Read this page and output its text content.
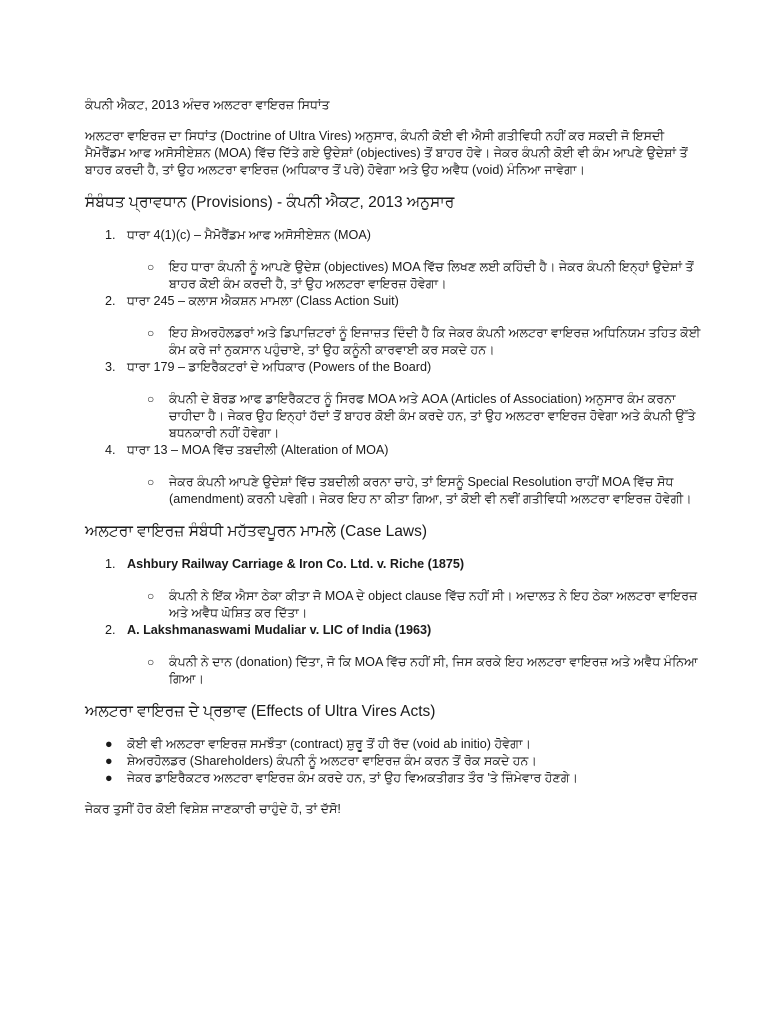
ਕੰਪਨੀ ਐਕਟ, 2013 ਅੰਦਰ ਅਲਟਰਾ ਵਾਇਰਜ਼ ਸਿਧਾਂਤ

ਅਲਟਰਾ ਵਾਇਰਜ਼ ਦਾ ਸਿਧਾਂਤ (Doctrine of Ultra Vires) ਅਨੁਸਾਰ, ਕੰਪਨੀ ਕੋਈ ਵੀ ਐਸੀ ਗਤੀਵਿਧੀ ਨਹੀਂ ਕਰ ਸਕਦੀ ਜੋ ਇਸਦੀ ਮੈਮੋਰੈਂਡਮ ਆਫ ਅਸੋਸੀਏਸ਼ਨ (MOA) ਵਿੱਚ ਦਿੱਤੇ ਗਏ ਉਦੇਸ਼ਾਂ (objectives) ਤੋਂ ਬਾਹਰ ਹੋਵੇ। ਜੇਕਰ ਕੰਪਨੀ ਕੋਈ ਵੀ ਕੰਮ ਆਪਣੇ ਉਦੇਸ਼ਾਂ ਤੋਂ ਬਾਹਰ ਕਰਦੀ ਹੈ, ਤਾਂ ਉਹ ਅਲਟਰਾ ਵਾਇਰਜ਼ (ਅਧਿਕਾਰ ਤੋਂ ਪਰੇ) ਹੋਵੇਗਾ ਅਤੇ ਉਹ ਅਵੈਧ (void) ਮੰਨਿਆ ਜਾਵੇਗਾ।

ਸੰਬੰਧਤ ਪ੍ਰਾਵਧਾਨ (Provisions) - ਕੰਪਨੀ ਐਕਟ, 2013 ਅਨੁਸਾਰ
1. ਧਾਰਾ 4(1)(c) – ਮੈਮੋਰੈਂਡਮ ਆਫ ਅਸੋਸੀਏਸ਼ਨ (MOA)
○ ਇਹ ਧਾਰਾ ਕੰਪਨੀ ਨੂੰ ਆਪਣੇ ਉਦੇਸ਼ (objectives) MOA ਵਿੱਚ ਲਿਖਣ ਲਈ ਕਹਿੰਦੀ ਹੈ। ਜੇਕਰ ਕੰਪਨੀ ਇਨ੍ਹਾਂ ਉਦੇਸ਼ਾਂ ਤੋਂ ਬਾਹਰ ਕੋਈ ਕੰਮ ਕਰਦੀ ਹੈ, ਤਾਂ ਉਹ ਅਲਟਰਾ ਵਾਇਰਜ਼ ਹੋਵੇਗਾ।
2. ਧਾਰਾ 245 – ਕਲਾਸ ਐਕਸ਼ਨ ਮਾਮਲਾ (Class Action Suit)
○ ਇਹ ਸ਼ੇਅਰਹੋਲਡਰਾਂ ਅਤੇ ਡਿਪਾਜ਼ਿਟਰਾਂ ਨੂੰ ਇਜਾਜ਼ਤ ਦਿੰਦੀ ਹੈ ਕਿ ਜੇਕਰ ਕੰਪਨੀ ਅਲਟਰਾ ਵਾਇਰਜ਼ ਅਧਿਨਿਯਮ ਤਹਿਤ ਕੋਈ ਕੰਮ ਕਰੇ ਜਾਂ ਨੁਕਸਾਨ ਪਹੁੰਚਾਏ, ਤਾਂ ਉਹ ਕਨੂੰਨੀ ਕਾਰਵਾਈ ਕਰ ਸਕਦੇ ਹਨ।
3. ਧਾਰਾ 179 – ਡਾਇਰੈਕਟਰਾਂ ਦੇ ਅਧਿਕਾਰ (Powers of the Board)
○ ਕੰਪਨੀ ਦੇ ਬੋਰਡ ਆਫ ਡਾਇਰੈਕਟਰ ਨੂੰ ਸਿਰਫ MOA ਅਤੇ AOA (Articles of Association) ਅਨੁਸਾਰ ਕੰਮ ਕਰਨਾ ਚਾਹੀਦਾ ਹੈ। ਜੇਕਰ ਉਹ ਇਨ੍ਹਾਂ ਹੱਦਾਂ ਤੋਂ ਬਾਹਰ ਕੋਈ ਕੰਮ ਕਰਦੇ ਹਨ, ਤਾਂ ਉਹ ਅਲਟਰਾ ਵਾਇਰਜ਼ ਹੋਵੇਗਾ ਅਤੇ ਕੰਪਨੀ ਉੱਤੇ ਬਧਨਕਾਰੀ ਨਹੀਂ ਹੋਵੇਗਾ।
4. ਧਾਰਾ 13 – MOA ਵਿੱਚ ਤਬਦੀਲੀ (Alteration of MOA)
○ ਜੇਕਰ ਕੰਪਨੀ ਆਪਣੇ ਉਦੇਸ਼ਾਂ ਵਿੱਚ ਤਬਦੀਲੀ ਕਰਨਾ ਚਾਹੇ, ਤਾਂ ਇਸਨੂੰ Special Resolution ਰਾਹੀਂ MOA ਵਿੱਚ ਸੋਧ (amendment) ਕਰਨੀ ਪਵੇਗੀ। ਜੇਕਰ ਇਹ ਨਾ ਕੀਤਾ ਗਿਆ, ਤਾਂ ਕੋਈ ਵੀ ਨਵੀਂ ਗਤੀਵਿਧੀ ਅਲਟਰਾ ਵਾਇਰਜ਼ ਹੋਵੇਗੀ।
ਅਲਟਰਾ ਵਾਇਰਜ਼ ਸੰਬੰਧੀ ਮਹੱਤਵਪੂਰਨ ਮਾਮਲੇ (Case Laws)
1. Ashbury Railway Carriage & Iron Co. Ltd. v. Riche (1875)
○ ਕੰਪਨੀ ਨੇ ਇੱਕ ਐਸਾ ਠੇਕਾ ਕੀਤਾ ਜੋ MOA ਦੇ object clause ਵਿੱਚ ਨਹੀਂ ਸੀ। ਅਦਾਲਤ ਨੇ ਇਹ ਠੇਕਾ ਅਲਟਰਾ ਵਾਇਰਜ਼ ਅਤੇ ਅਵੈਧ ਘੋਸ਼ਿਤ ਕਰ ਦਿੱਤਾ।
2. A. Lakshmanaswami Mudaliar v. LIC of India (1963)
○ ਕੰਪਨੀ ਨੇ ਦਾਨ (donation) ਦਿੱਤਾ, ਜੋ ਕਿ MOA ਵਿੱਚ ਨਹੀਂ ਸੀ, ਜਿਸ ਕਰਕੇ ਇਹ ਅਲਟਰਾ ਵਾਇਰਜ਼ ਅਤੇ ਅਵੈਧ ਮੰਨਿਆ ਗਿਆ।
ਅਲਟਰਾ ਵਾਇਰਜ਼ ਦੇ ਪ੍ਰਭਾਵ (Effects of Ultra Vires Acts)
● ਕੋਈ ਵੀ ਅਲਟਰਾ ਵਾਇਰਜ਼ ਸਮਝੌਤਾ (contract) ਸ਼ੁਰੂ ਤੋਂ ਹੀ ਰੱਦ (void ab initio) ਹੋਵੇਗਾ।
● ਸ਼ੇਅਰਹੋਲਡਰ (Shareholders) ਕੰਪਨੀ ਨੂੰ ਅਲਟਰਾ ਵਾਇਰਜ਼ ਕੰਮ ਕਰਨ ਤੋਂ ਰੋਕ ਸਕਦੇ ਹਨ।
● ਜੇਕਰ ਡਾਇਰੈਕਟਰ ਅਲਟਰਾ ਵਾਇਰਜ਼ ਕੰਮ ਕਰਦੇ ਹਨ, ਤਾਂ ਉਹ ਵਿਅਕਤੀਗਤ ਤੌਰ 'ਤੇ ਜ਼ਿੰਮੇਵਾਰ ਹੋਣਗੇ।

ਜੇਕਰ ਤੁਸੀਂ ਹੋਰ ਕੋਈ ਵਿਸ਼ੇਸ਼ ਜਾਣਕਾਰੀ ਚਾਹੁੰਦੇ ਹੋ, ਤਾਂ ਦੱਸੋ!
